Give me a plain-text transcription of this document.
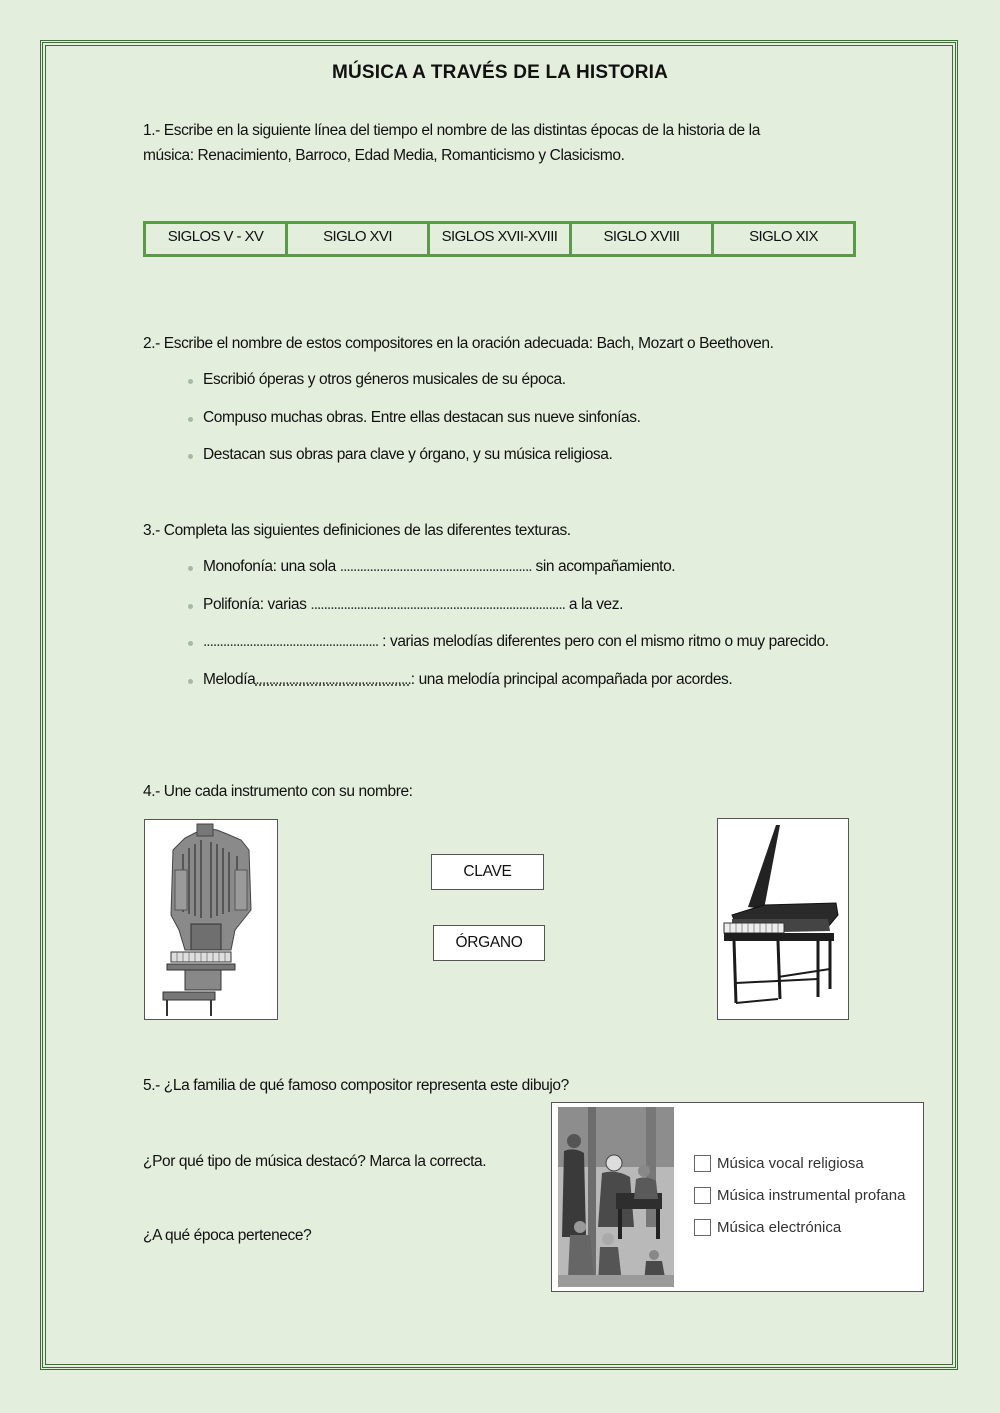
MÚSICA A TRAVÉS DE LA HISTORIA
1.- Escribe en la siguiente línea del tiempo el nombre de las distintas épocas de la historia de la
música: Renacimiento, Barroco, Edad Media, Romanticismo y Clasicismo.
SIGLOS V - XV	SIGLO XVI	SIGLOS XVII-XVIII	SIGLO XVIII	SIGLO XIX
2.- Escribe el nombre de estos compositores en la oración adecuada: Bach, Mozart o Beethoven.
Escribió óperas y otros géneros musicales de su época.
Compuso muchas obras. Entre ellas destacan sus nueve sinfonías.
Destacan sus obras para clave y órgano, y su música religiosa.
3.- Completa las siguientes definiciones de las diferentes texturas.
Monofonía: una sola .......................................................... sin acompañamiento.
Polifonía: varias ............................................................................. a la vez.
..................................................... : varias melodías diferentes pero con el mismo ritmo o muy parecido.
Melodía...............................................: una melodía principal acompañada por acordes.
4.- Une cada instrumento con su nombre:
CLAVE
ÓRGANO
5.- ¿La familia de qué famoso compositor representa este dibujo?
¿Por qué tipo de música destacó? Marca la correcta.
¿A qué época pertenece?
Música vocal religiosa
Música instrumental profana
Música electrónica
